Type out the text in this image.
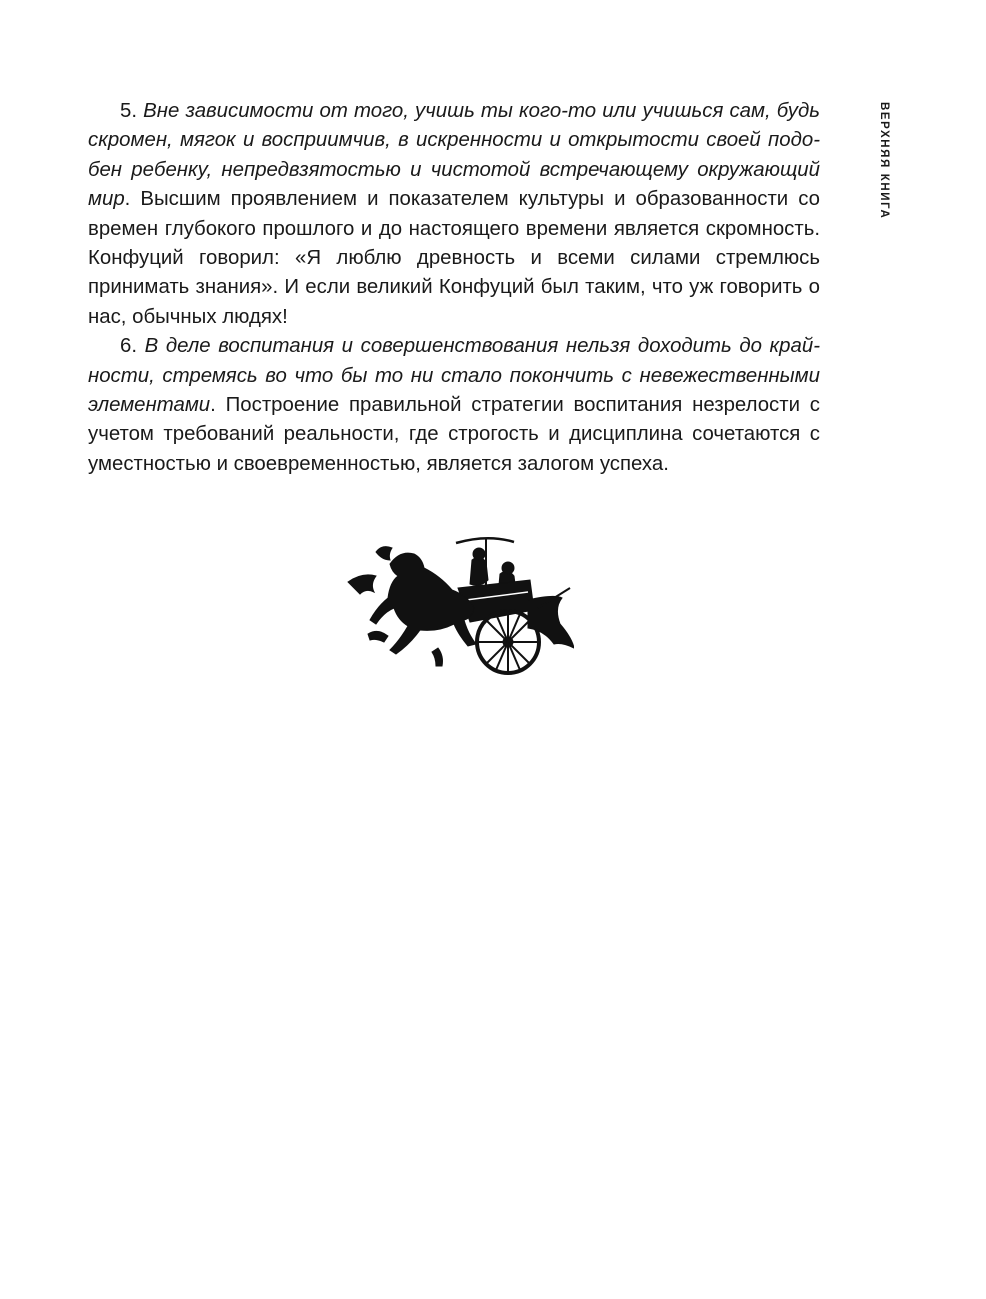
ВЕРХНЯЯ КНИГА

5. Вне зависимости от того, учишь ты кого-то или учишься сам, будь скромен, мягок и восприимчив, в искренности и открытости своей подобен ребенку, непредвзятостью и чистотой встречающему окружающий мир. Высшим проявлением и показателем культуры и образованности со времен глубокого прошлого и до настоящего времени является скромность. Конфуций говорил: «Я люблю древность и всеми силами стремлюсь принимать знания». И если великий Конфуций был таким, что уж говорить о нас, обычных людях!

6. В деле воспитания и совершенствования нельзя доходить до крайности, стремясь во что бы то ни стало покончить с невежественными элементами. Построение правильной стратегии воспитания незрелости с учетом требований реальности, где строгость и дисциплина сочетаются с уместностью и своевременностью, является залогом успеха.
